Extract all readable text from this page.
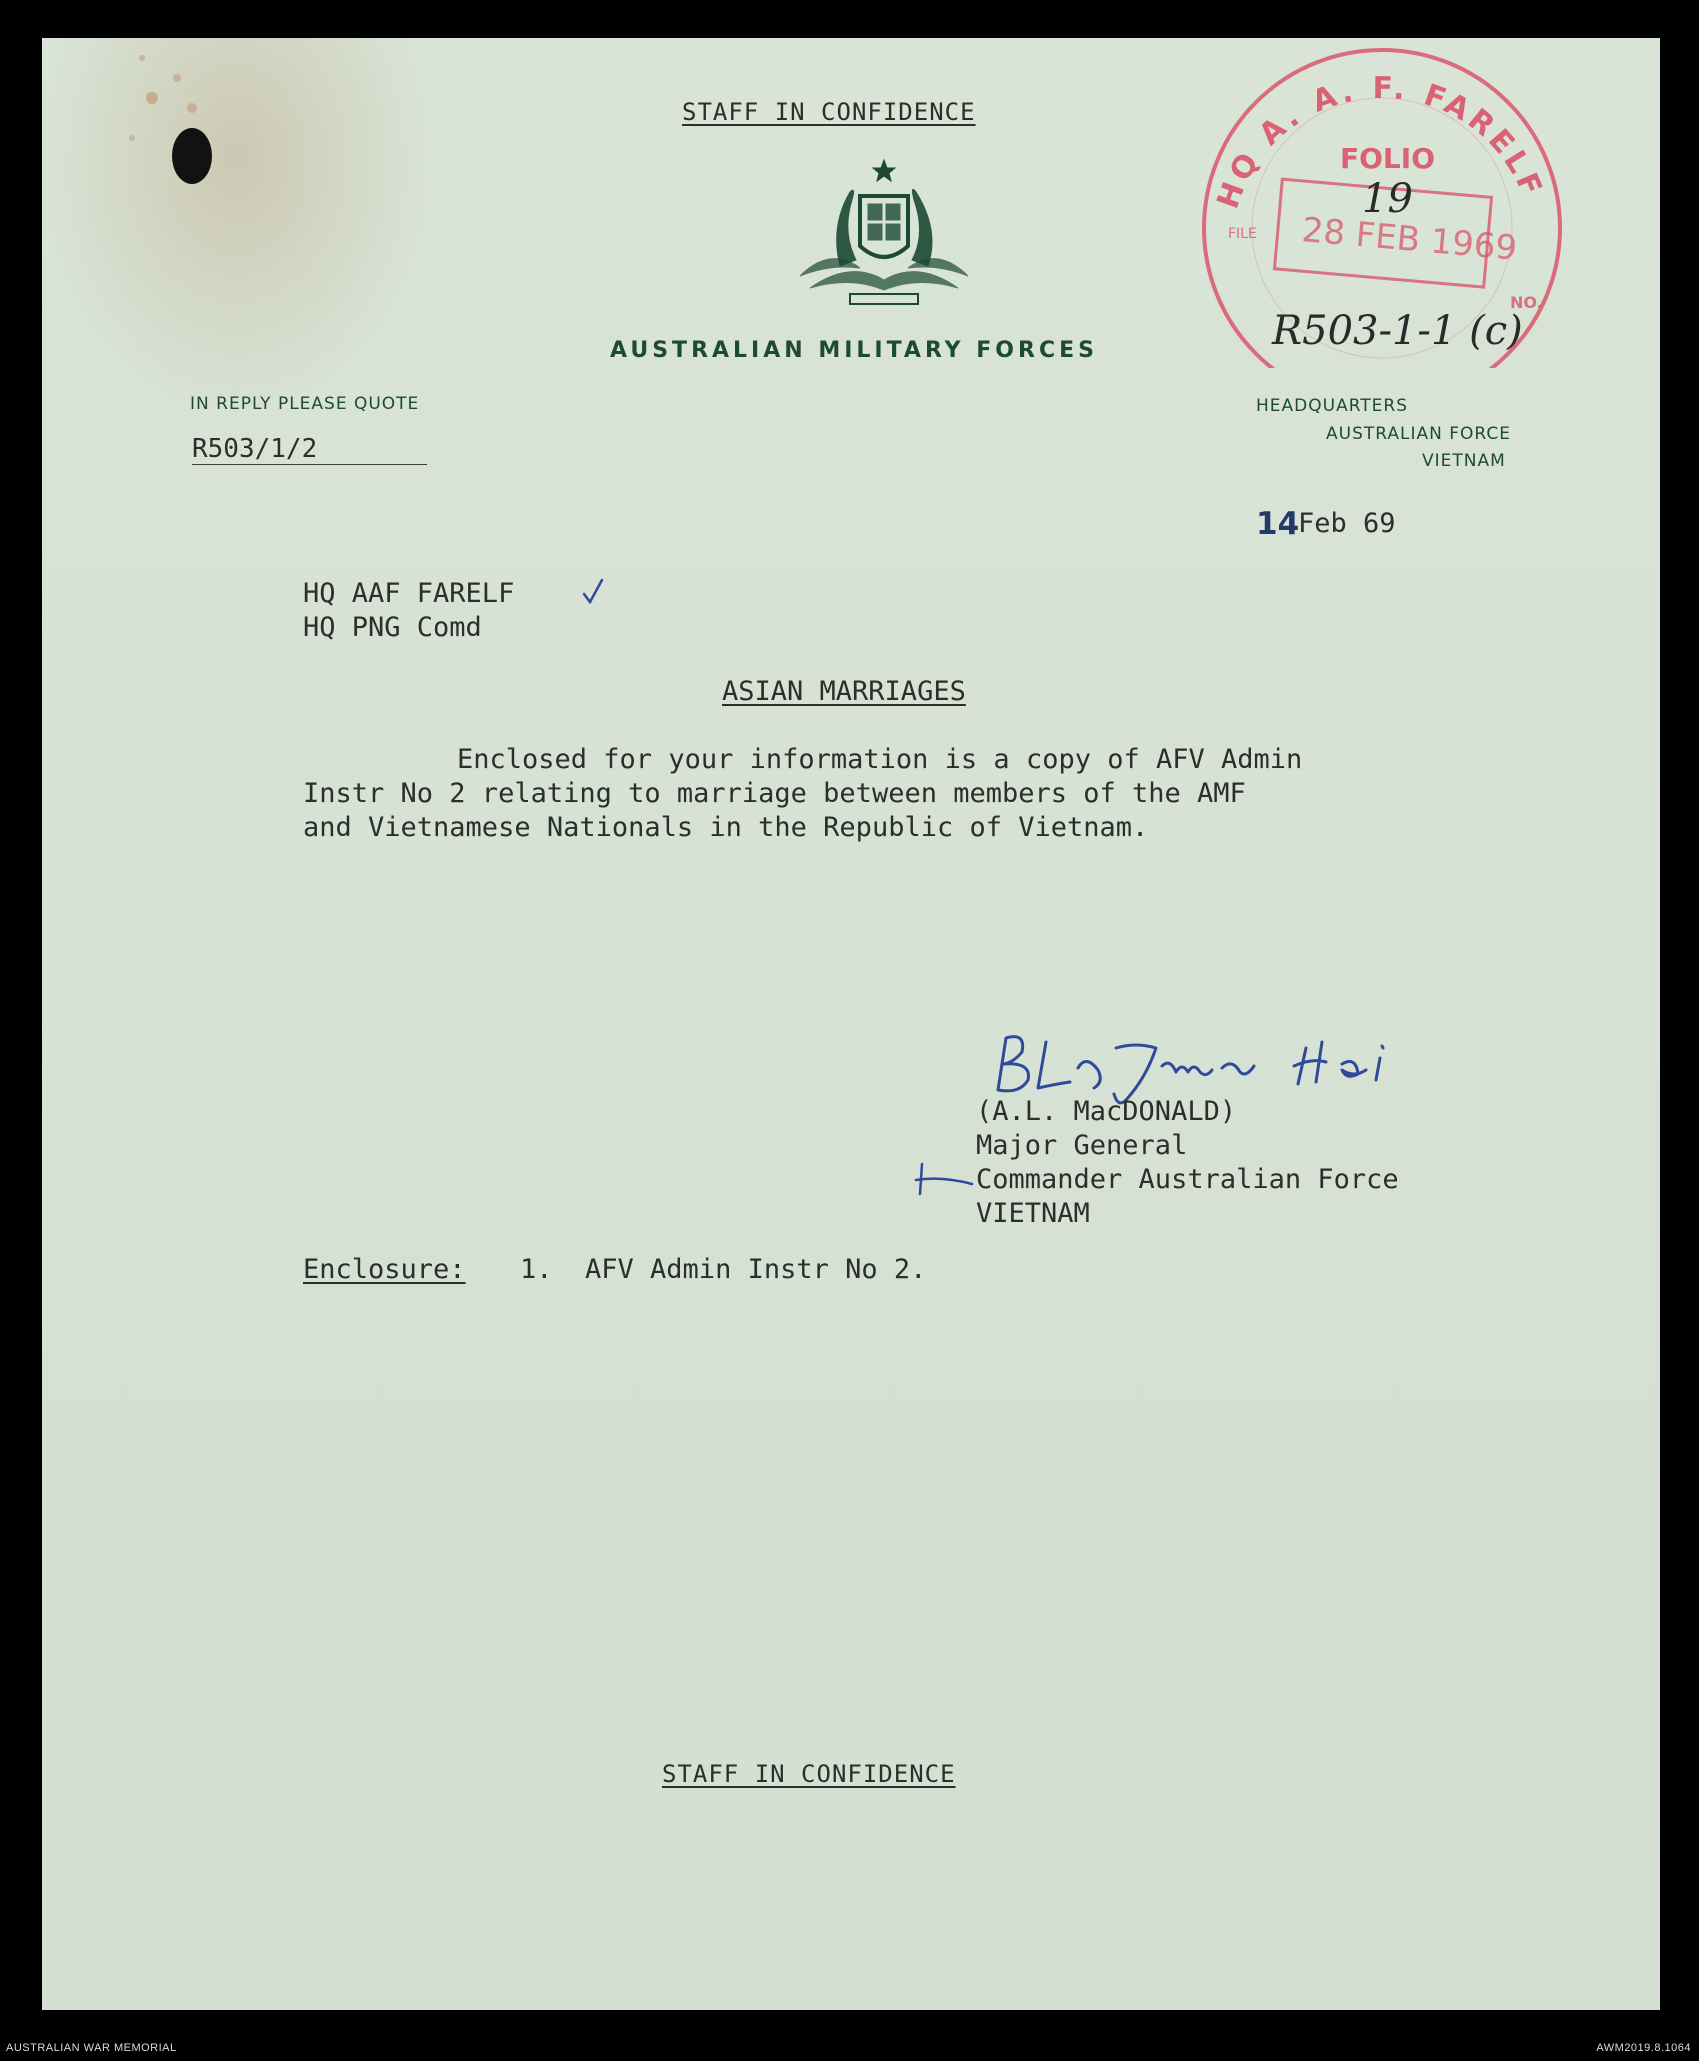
STAFF IN CONFIDENCE
AUSTRALIAN MILITARY FORCES
IN REPLY PLEASE QUOTE
R503/1/2
HEADQUARTERS
AUSTRALIAN FORCE
VIETNAM
HQ A. A. F. FARELF
FOLIO
28 FEB 1969
FILE
NO.
19
R503-1-1 (c)
14
Feb 69
HQ AAF FARELF
HQ PNG Comd
ASIAN MARRIAGES
Enclosed for your information is a copy of AFV Admin
Instr No 2 relating to marriage between members of the AMF
and Vietnamese Nationals in the Republic of Vietnam.
(A.L. MacDONALD)
Major General
Commander Australian Force
VIETNAM
Enclosure: 1.  AFV Admin Instr No 2.
STAFF IN CONFIDENCE
AUSTRALIAN WAR MEMORIAL	AWM2019.8.1064
